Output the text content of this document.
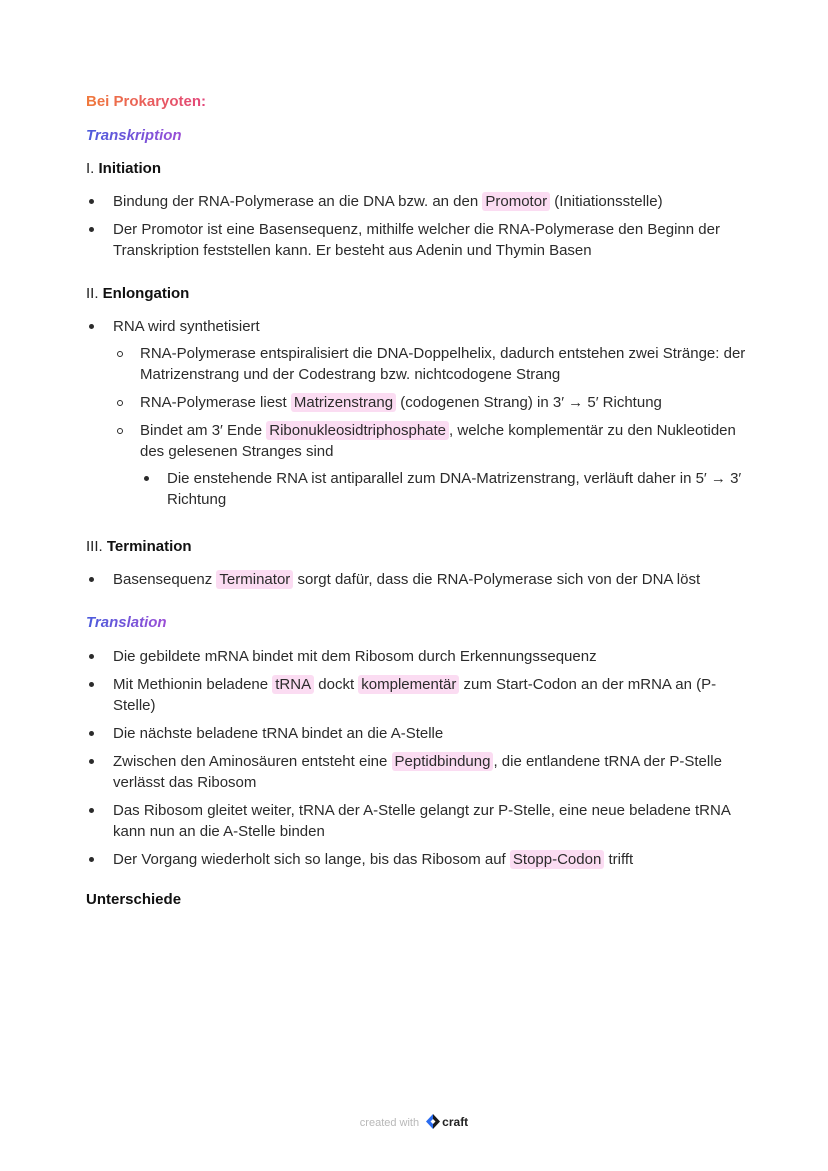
Bei Prokaryoten:
Transkription

I. Initiation

Bindung der RNA-Polymerase an die DNA bzw. an den Promotor (Initiationsstelle)
Der Promotor ist eine Basensequenz, mithilfe welcher die RNA-Polymerase den Beginn der Transkription feststellen kann. Er besteht aus Adenin und Thymin Basen

II. Enlongation

RNA wird synthetisiert
RNA-Polymerase entspiralisiert die DNA-Doppelhelix, dadurch entstehen zwei Stränge: der Matrizenstrang und der Codestrang bzw. nichtcodogene Strang
RNA-Polymerase liest Matrizenstrang (codogenen Strang) in 3′ → 5′ Richtung
Bindet am 3′ Ende Ribonukleosidtriphosphate , welche komplementär zu den Nukleotiden des gelesenen Stranges sind
Die enstehende RNA ist antiparallel zum DNA-Matrizenstrang, verläuft daher in 5′ → 3′ Richtung

III. Termination

Basensequenz Terminator sorgt dafür, dass die RNA-Polymerase sich von der DNA löst
Translation
Die gebildete mRNA bindet mit dem Ribosom durch Erkennungssequenz
Mit Methionin beladene tRNA dockt komplementär zum Start-Codon an der mRNA an (P-Stelle)
Die nächste beladene tRNA bindet an die A-Stelle
Zwischen den Aminosäuren entsteht eine Peptidbindung , die entlandene tRNA der P-Stelle verlässt das Ribosom
Das Ribosom gleitet weiter, tRNA der A-Stelle gelangt zur P-Stelle, eine neue beladene tRNA kann nun an die A-Stelle binden
Der Vorgang wiederholt sich so lange, bis das Ribosom auf Stopp-Codon trifft

Unterschiede

created with craft
